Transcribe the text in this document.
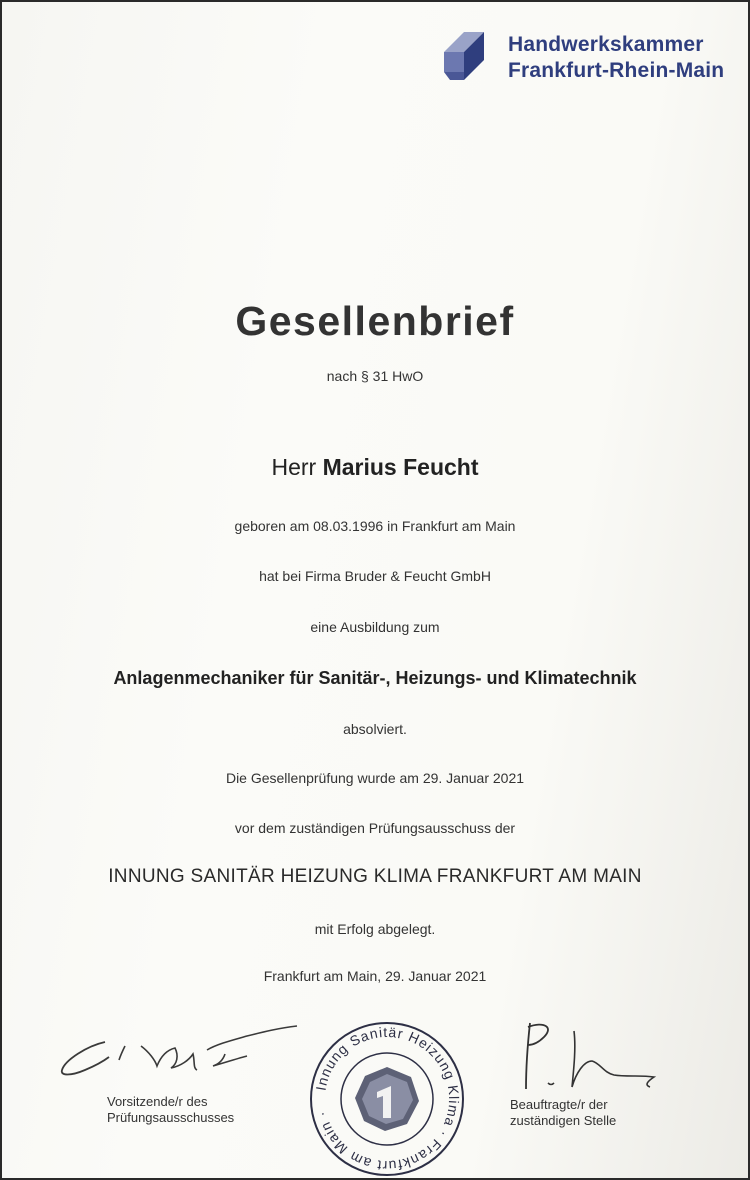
Handwerkskammer
Frankfurt-Rhein-Main
Gesellenbrief
nach § 31 HwO
Herr Marius Feucht
geboren am 08.03.1996 in Frankfurt am Main
hat bei Firma Bruder & Feucht GmbH
eine Ausbildung zum
Anlagenmechaniker für Sanitär-, Heizungs- und Klimatechnik
absolviert.
Die Gesellenprüfung wurde am 29. Januar 2021
vor dem zuständigen Prüfungsausschuss der
INNUNG SANITÄR HEIZUNG KLIMA FRANKFURT AM MAIN
mit Erfolg abgelegt.
Frankfurt am Main, 29. Januar 2021
Vorsitzende/r des
Prüfungsausschusses
Innung Sanitär Heizung Klima · Frankfurt am Main ·
Beauftragte/r der
zuständigen Stelle
